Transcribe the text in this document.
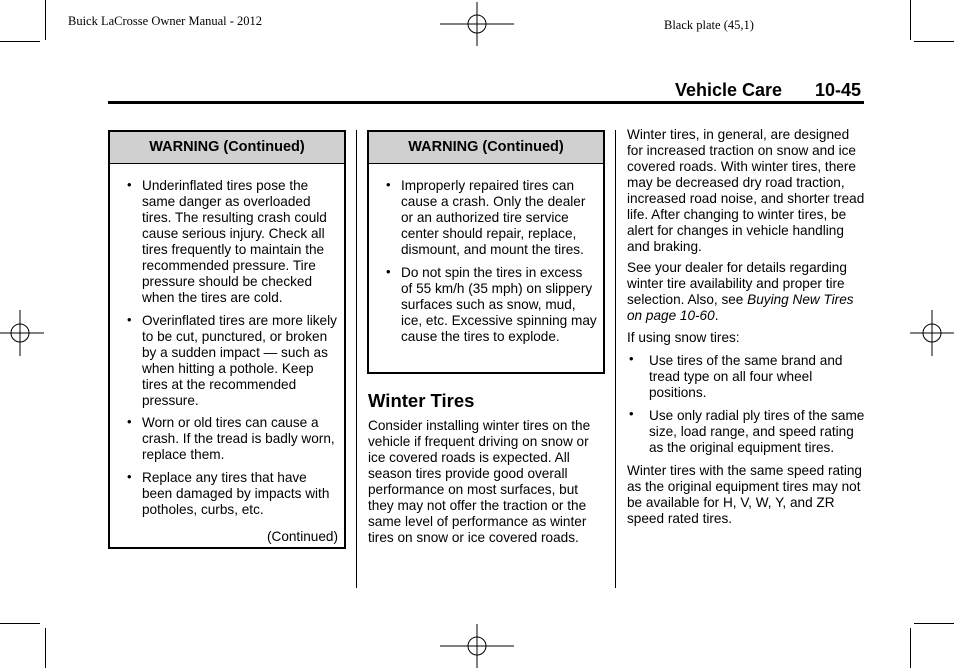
Buick LaCrosse Owner Manual - 2012	Black plate (45,1)
Vehicle Care 10-45
WARNING (Continued)
• Underinflated tires pose the same danger as overloaded tires. The resulting crash could cause serious injury. Check all tires frequently to maintain the recommended pressure. Tire pressure should be checked when the tires are cold.
• Overinflated tires are more likely to be cut, punctured, or broken by a sudden impact — such as when hitting a pothole. Keep tires at the recommended pressure.
• Worn or old tires can cause a crash. If the tread is badly worn, replace them.
• Replace any tires that have been damaged by impacts with potholes, curbs, etc.
(Continued)
WARNING (Continued)
• Improperly repaired tires can cause a crash. Only the dealer or an authorized tire service center should repair, replace, dismount, and mount the tires.
• Do not spin the tires in excess of 55 km/h (35 mph) on slippery surfaces such as snow, mud, ice, etc. Excessive spinning may cause the tires to explode.
Winter Tires
Consider installing winter tires on the vehicle if frequent driving on snow or ice covered roads is expected. All season tires provide good overall performance on most surfaces, but they may not offer the traction or the same level of performance as winter tires on snow or ice covered roads.
Winter tires, in general, are designed for increased traction on snow and ice covered roads. With winter tires, there may be decreased dry road traction, increased road noise, and shorter tread life. After changing to winter tires, be alert for changes in vehicle handling and braking.
See your dealer for details regarding winter tire availability and proper tire selection. Also, see Buying New Tires on page 10-60.
If using snow tires:
• Use tires of the same brand and tread type on all four wheel positions.
• Use only radial ply tires of the same size, load range, and speed rating as the original equipment tires.
Winter tires with the same speed rating as the original equipment tires may not be available for H, V, W, Y, and ZR speed rated tires.
